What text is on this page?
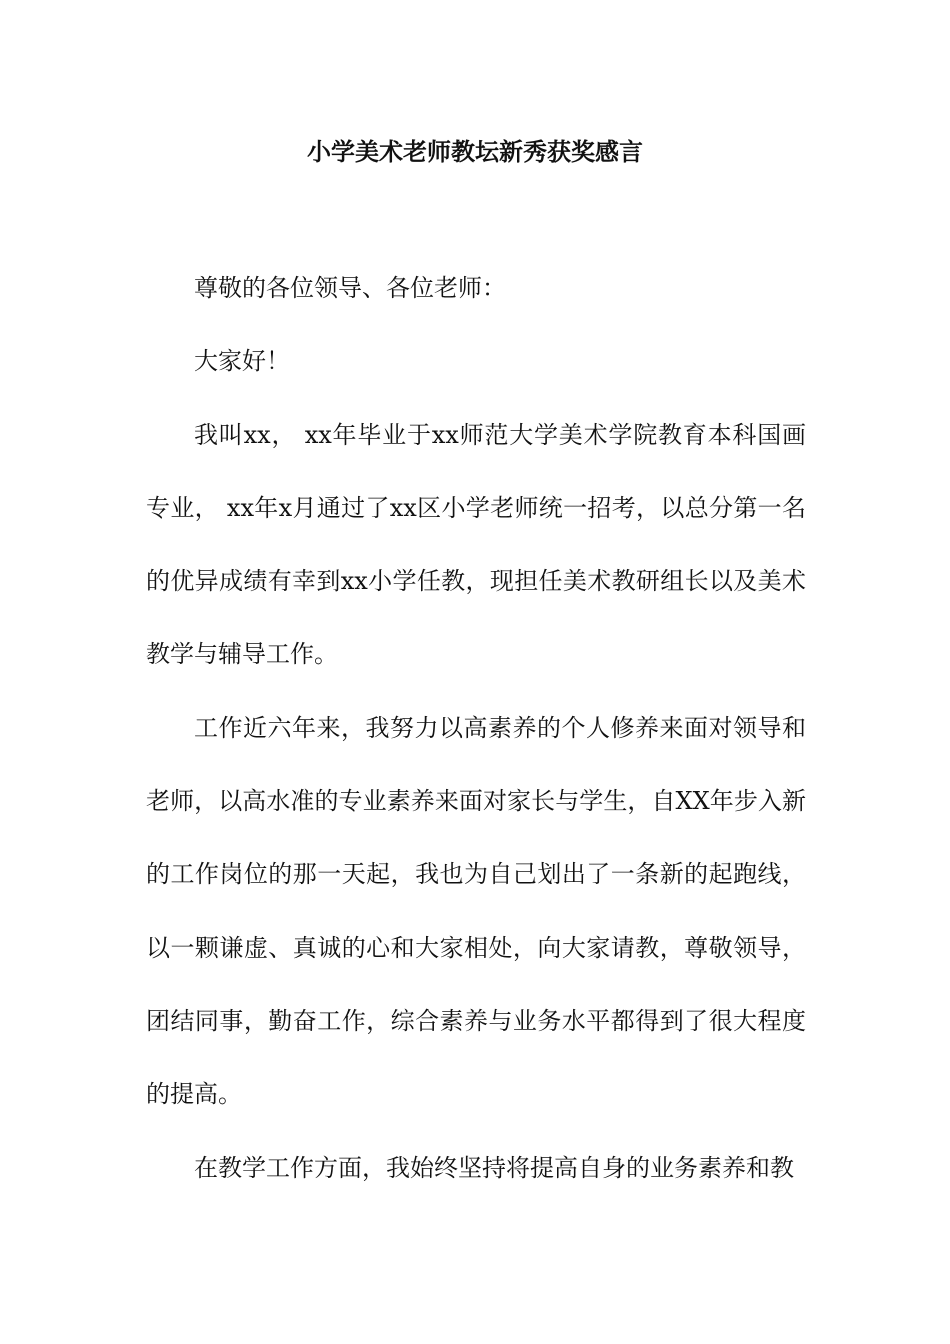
小学美术老师教坛新秀获奖感言

尊敬的各位领导、各位老师：

大家好！

我叫xx， xx年毕业于xx师范大学美术学院教育本科国画专业， xx年x月通过了xx区小学老师统一招考，以总分第一名的优异成绩有幸到xx小学任教，现担任美术教研组长以及美术教学与辅导工作。

工作近六年来，我努力以高素养的个人修养来面对领导和老师，以高水准的专业素养来面对家长与学生，自XX年步入新的工作岗位的那一天起，我也为自己划出了一条新的起跑线，以一颗谦虚、真诚的心和大家相处，向大家请教，尊敬领导，团结同事，勤奋工作，综合素养与业务水平都得到了很大程度的提高。

在教学工作方面，我始终坚持将提高自身的业务素养和教
